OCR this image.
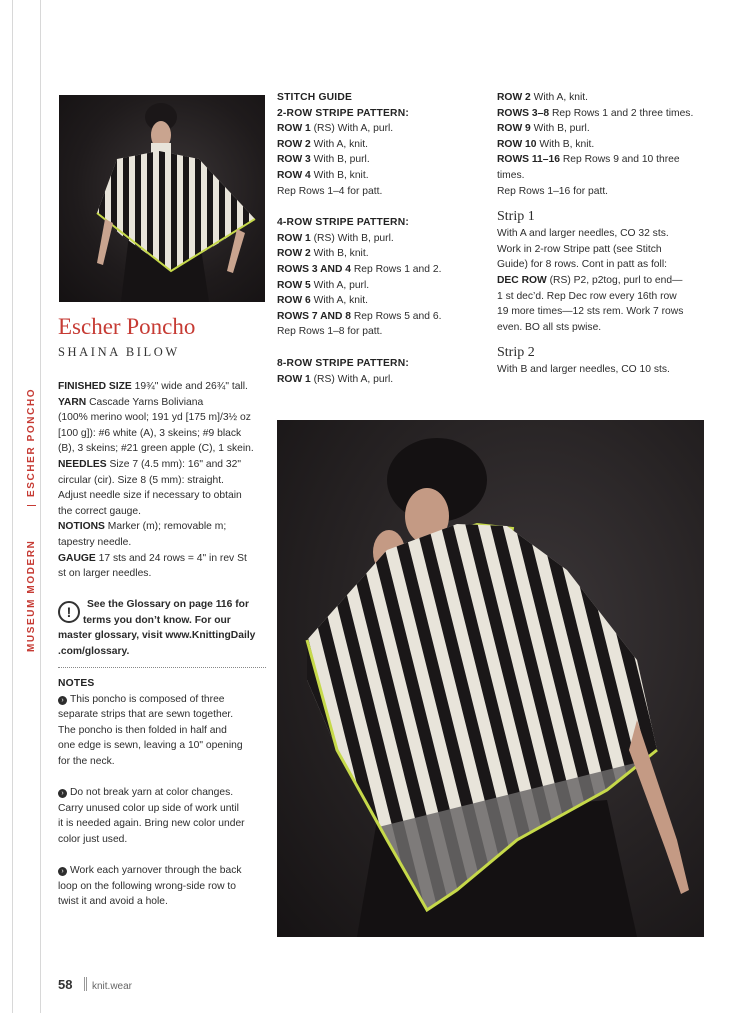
ESCHER PONCHO
MUSEUM MODERN
Escher Poncho
SHAINA BILOW

FINISHED SIZE 19¾" wide and 26¾" tall.

YARN Cascade Yarns Boliviana

(100% merino wool; 191 yd [175 m]/3½ oz

[100 g]): #6 white (A), 3 skeins; #9 black

(B), 3 skeins; #21 green apple (C), 1 skein.

NEEDLES Size 7 (4.5 mm): 16" and 32"

circular (cir). Size 8 (5 mm): straight.

Adjust needle size if necessary to obtain

the correct gauge.

NOTIONS Marker (m); removable m;

tapestry needle.

GAUGE 17 sts and 24 rows = 4" in rev St

st on larger needles.

!	See the Glossary on page 116 for

terms you don’t know. For our

master glossary, visit www.KnittingDaily

.com/glossary.

NOTES

› This poncho is composed of three

separate strips that are sewn together.

The poncho is then folded in half and

one edge is sewn, leaving a 10" opening

for the neck.

› Do not break yarn at color changes.

Carry unused color up side of work until

it is needed again. Bring new color under

color just used.

› Work each yarnover through the back

loop on the following wrong-side row to

twist it and avoid a hole.

STITCH GUIDE

2-ROW STRIPE PATTERN:

ROW 1 (RS) With A, purl.

ROW 2 With A, knit.

ROW 3 With B, purl.

ROW 4 With B, knit.

Rep Rows 1–4 for patt.

4-ROW STRIPE PATTERN:

ROW 1 (RS) With B, purl.

ROW 2 With B, knit.

ROWS 3 AND 4 Rep Rows 1 and 2.

ROW 5 With A, purl.

ROW 6 With A, knit.

ROWS 7 AND 8 Rep Rows 5 and 6.

Rep Rows 1–8 for patt.

8-ROW STRIPE PATTERN:

ROW 1 (RS) With A, purl.

ROW 2 With A, knit.

ROWS 3–8 Rep Rows 1 and 2 three times.

ROW 9 With B, purl.

ROW 10 With B, knit.

ROWS 11–16 Rep Rows 9 and 10 three

times.

Rep Rows 1–16 for patt.

Strip 1

With A and larger needles, CO 32 sts.

Work in 2-row Stripe patt (see Stitch

Guide) for 8 rows. Cont in patt as foll:

DEC ROW (RS) P2, p2tog, purl to end—

1 st dec’d. Rep Dec row every 16th row

19 more times—12 sts rem. Work 7 rows

even. BO all sts pwise.

Strip 2

With B and larger needles, CO 10 sts.

58 knit.wear
